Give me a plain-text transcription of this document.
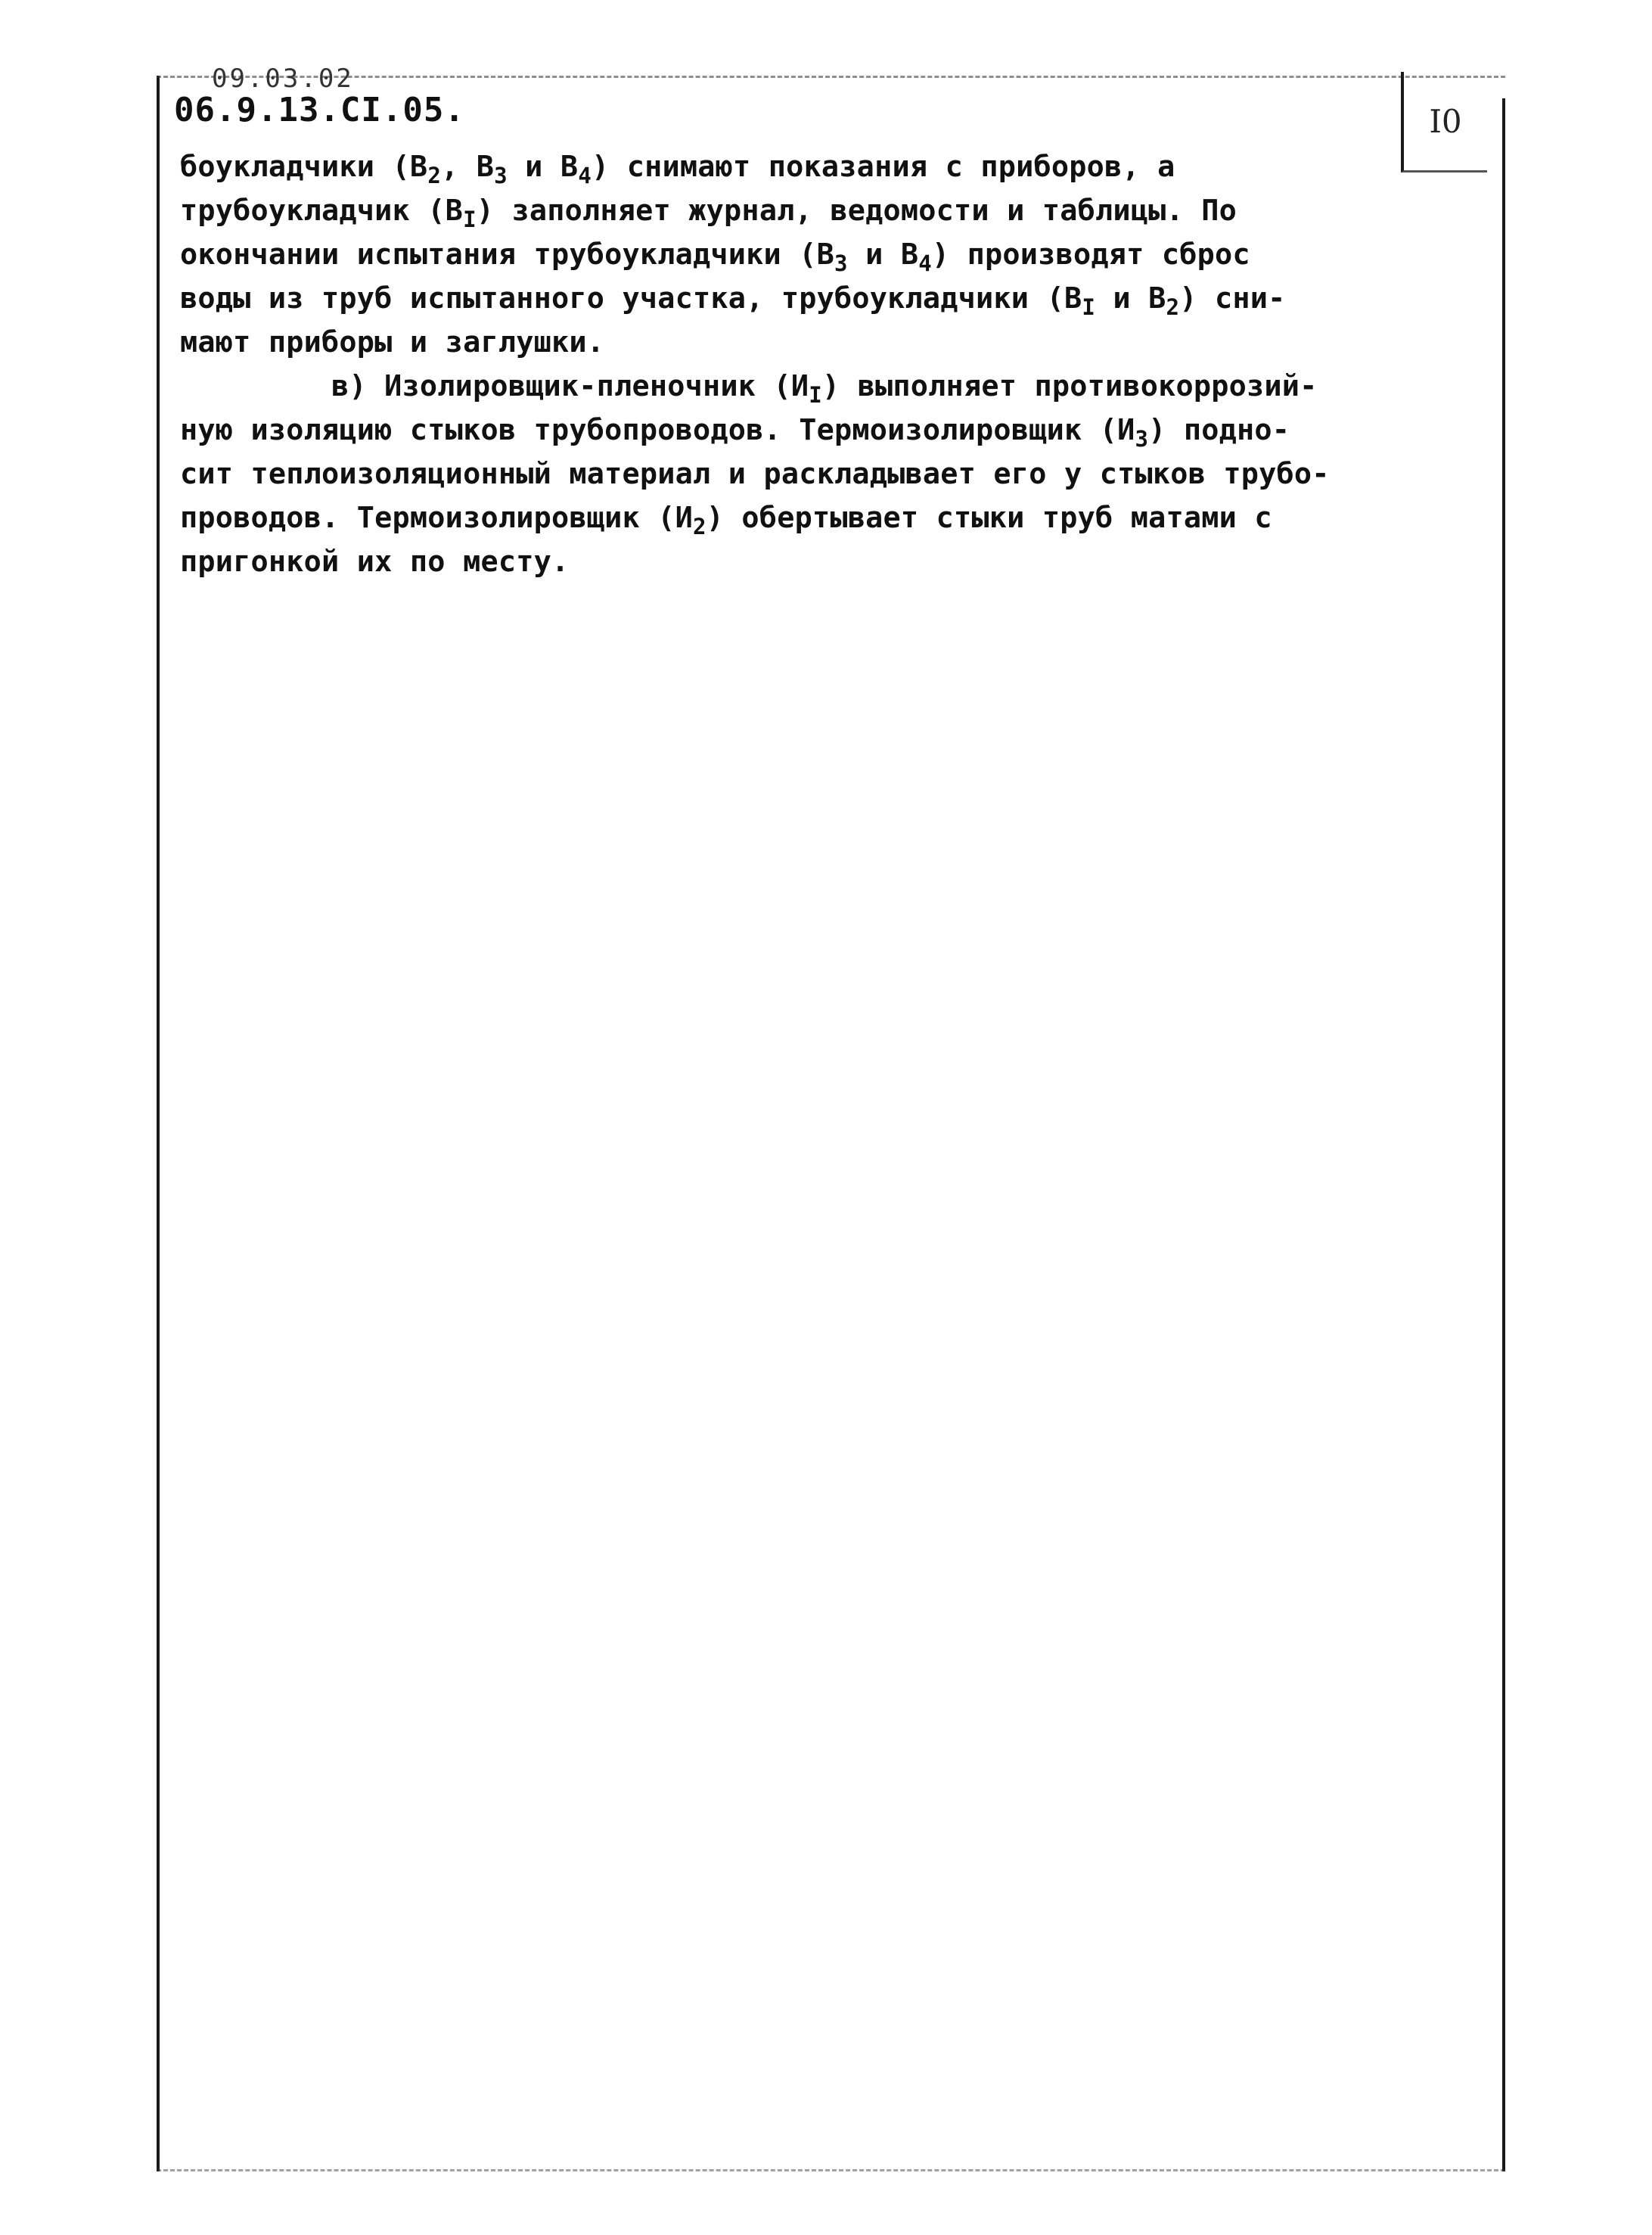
09.03.02
06.9.13.CI.05.	I0
боукладчики ($В_2$, $В_3$ и $В_4$) снимают показания с приборов, а
трубоукладчик $(В_I)$ заполняет журнал, ведомости и таблицы. По
окончании испытания трубоукладчики ($В_3$ и $В_4$) производят сброс
воды из труб испытанного участка, трубоукладчики ($В_I$ и $В_2$) сни-
мают приборы и заглушки.
в) Изолировщик-пленочник $(И_I)$ выполняет противокоррозий-
ную изоляцию стыков трубопроводов. Термоизолировщик $(И_3)$ подно-
сит теплоизоляционный материал и раскладывает его у стыков трубо-
проводов. Термоизолировщик $(И_2)$ обертывает стыки труб матами с
пригонкой их по месту.
